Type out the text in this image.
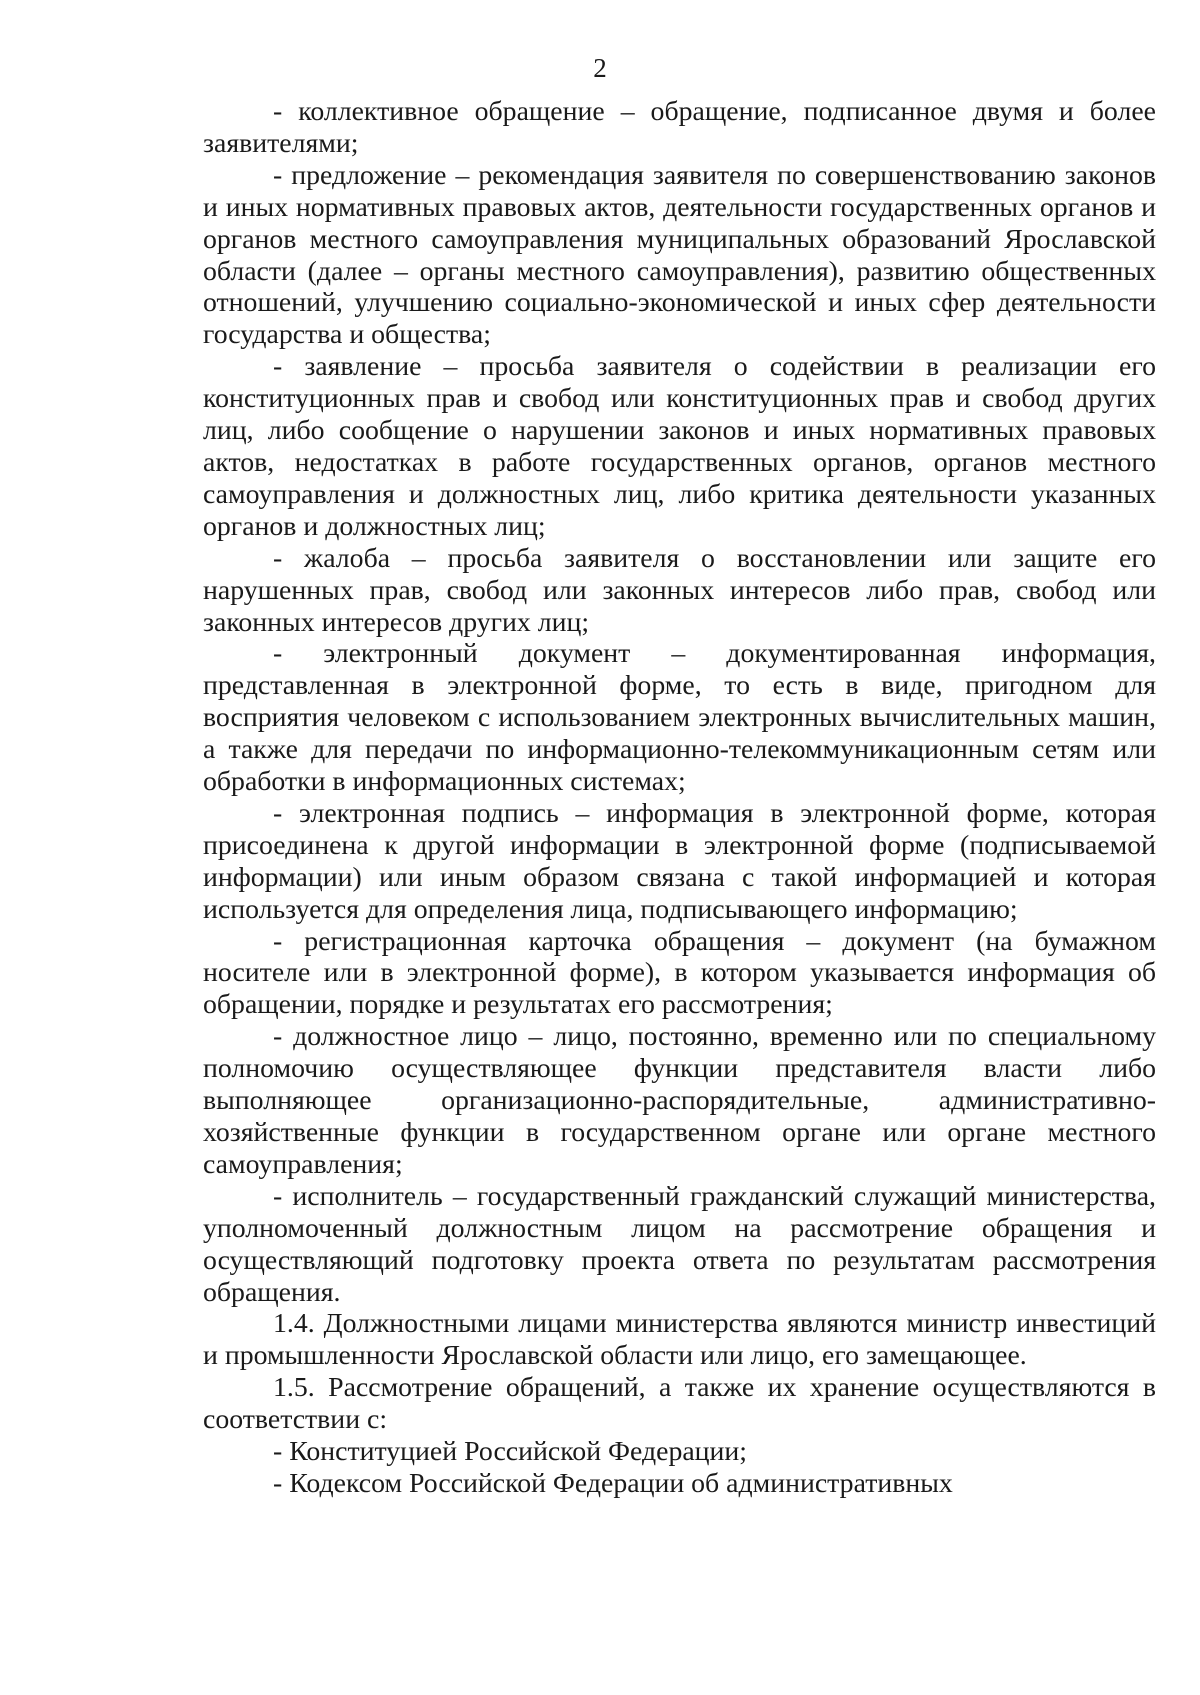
2

- коллективное обращение – обращение, подписанное двумя и более заявителями;

- предложение – рекомендация заявителя по совершенствованию законов и иных нормативных правовых актов, деятельности государственных органов и органов местного самоуправления муниципальных образований Ярославской области (далее – органы местного самоуправления), развитию общественных отношений, улучшению социально-экономической и иных сфер деятельности государства и общества;

- заявление – просьба заявителя о содействии в реализации его конституционных прав и свобод или конституционных прав и свобод других лиц, либо сообщение о нарушении законов и иных нормативных правовых актов, недостатках в работе государственных органов, органов местного самоуправления и должностных лиц, либо критика деятельности указанных органов и должностных лиц;

- жалоба – просьба заявителя о восстановлении или защите его нарушенных прав, свобод или законных интересов либо прав, свобод или законных интересов других лиц;

- электронный документ – документированная информация, представленная в электронной форме, то есть в виде, пригодном для восприятия человеком с использованием электронных вычислительных машин, а также для передачи по информационно-телекоммуникационным сетям или обработки в информационных системах;

- электронная подпись – информация в электронной форме, которая присоединена к другой информации в электронной форме (подписываемой информации) или иным образом связана с такой информацией и которая используется для определения лица, подписывающего информацию;

- регистрационная карточка обращения – документ (на бумажном носителе или в электронной форме), в котором указывается информация об обращении, порядке и результатах его рассмотрения;

- должностное лицо – лицо, постоянно, временно или по специальному полномочию осуществляющее функции представителя власти либо выполняющее организационно-распорядительные, административно-хозяйственные функции в государственном органе или органе местного самоуправления;

- исполнитель – государственный гражданский служащий министерства, уполномоченный должностным лицом на рассмотрение обращения и осуществляющий подготовку проекта ответа по результатам рассмотрения обращения.

1.4. Должностными лицами министерства являются министр инвестиций и промышленности Ярославской области или лицо, его замещающее.

1.5. Рассмотрение обращений, а также их хранение осуществляются в соответствии с:

- Конституцией Российской Федерации;

- Кодексом Российской Федерации об административных
